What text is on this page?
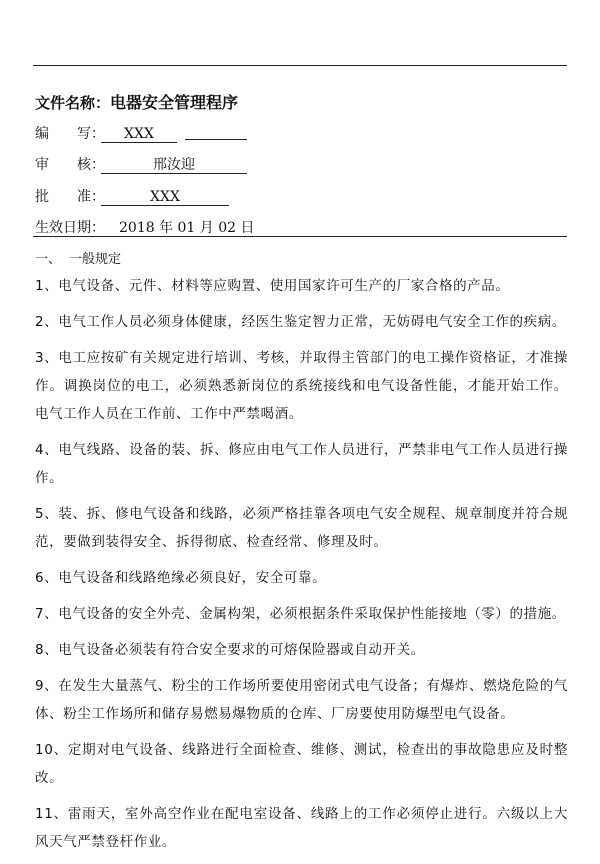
文件名称：电器安全管理程序
编　　写： XXX
审　　核：	邢汝迎
批　　准：	XXX
生效日期： 2018 年 01 月 02 日
一、 一般规定
1、电气设备、元件、材料等应购置、使用国家许可生产的厂家合格的产品。
2、电气工作人员必须身体健康，经医生鉴定智力正常，无妨碍电气安全工作的疾病。
3、电工应按矿有关规定进行培训、考核，并取得主管部门的电工操作资格证，才准操作。调换岗位的电工，必须熟悉新岗位的系统接线和电气设备性能，才能开始工作。电气工作人员在工作前、工作中严禁喝酒。
4、电气线路、设备的装、拆、修应由电气工作人员进行，严禁非电气工作人员进行操作。
5、装、拆、修电气设备和线路，必须严格挂靠各项电气安全规程、规章制度并符合规范，要做到装得安全、拆得彻底、检查经常、修理及时。
6、电气设备和线路绝缘必须良好，安全可靠。
7、电气设备的安全外壳、金属构架，必须根据条件采取保护性能接地（零）的措施。
8、电气设备必须装有符合安全要求的可熔保险器或自动开关。
9、在发生大量蒸气、粉尘的工作场所要使用密闭式电气设备；有爆炸、燃烧危险的气体、粉尘工作场所和储存易燃易爆物质的仓库、厂房要使用防爆型电气设备。
10、定期对电气设备、线路进行全面检查、维修、测试，检查出的事故隐患应及时整改。
11、雷雨天，室外高空作业在配电室设备、线路上的工作必须停止进行。六级以上大风天气严禁登杆作业。
